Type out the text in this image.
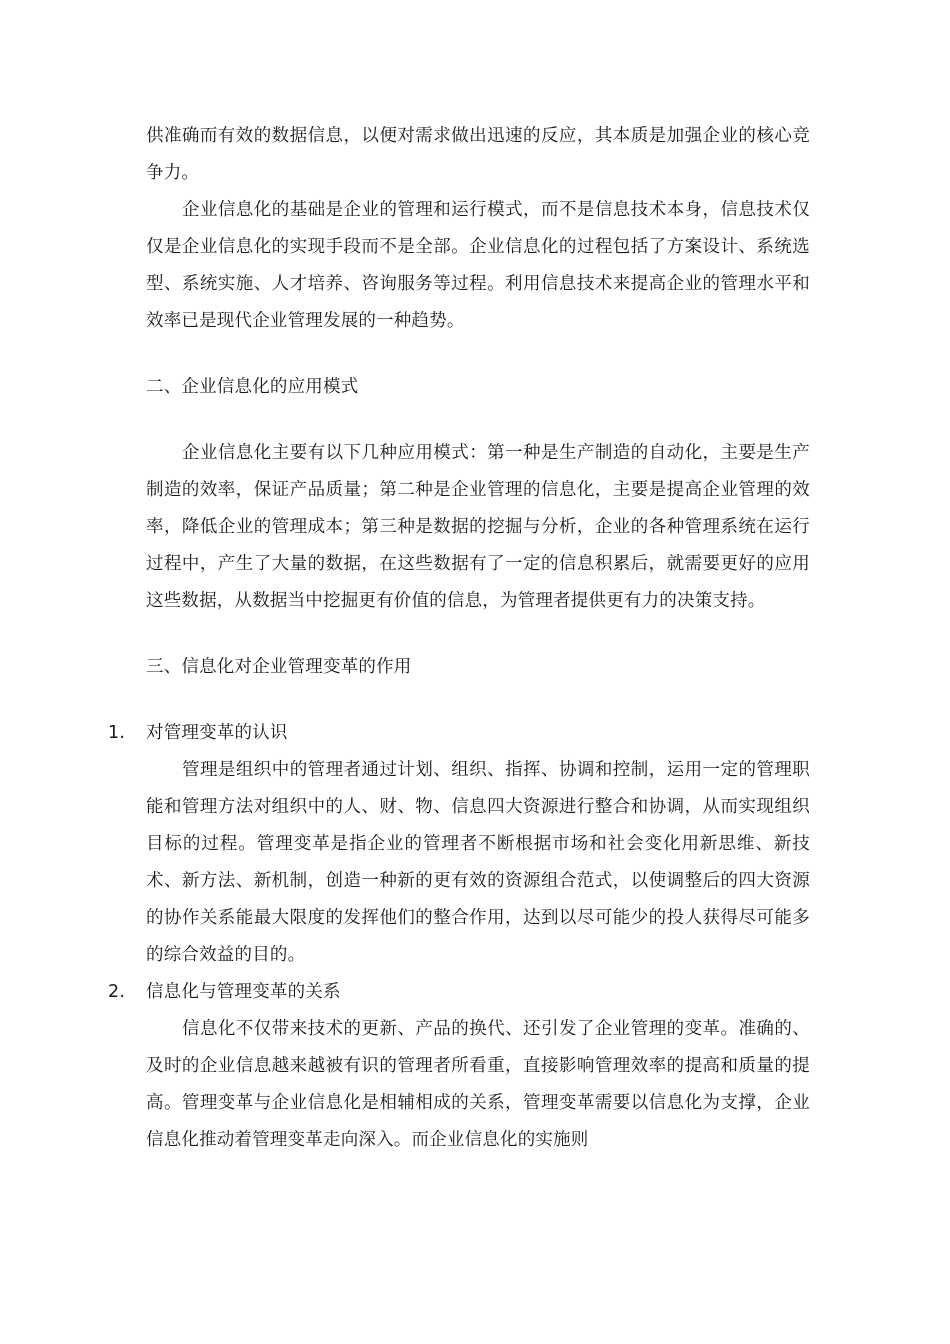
供准确而有效的数据信息，以便对需求做出迅速的反应，其本质是加强企业的核心竞争力。

企业信息化的基础是企业的管理和运行模式，而不是信息技术本身，信息技术仅仅是企业信息化的实现手段而不是全部。企业信息化的过程包括了方案设计、系统选型、系统实施、人才培养、咨询服务等过程。利用信息技术来提高企业的管理水平和效率已是现代企业管理发展的一种趋势。

二、企业信息化的应用模式

企业信息化主要有以下几种应用模式：第一种是生产制造的自动化，主要是生产制造的效率，保证产品质量；第二种是企业管理的信息化，主要是提高企业管理的效率，降低企业的管理成本；第三种是数据的挖掘与分析，企业的各种管理系统在运行过程中，产生了大量的数据，在这些数据有了一定的信息积累后，就需要更好的应用这些数据，从数据当中挖掘更有价值的信息，为管理者提供更有力的决策支持。

三、信息化对企业管理变革的作用

1.	对管理变革的认识

管理是组织中的管理者通过计划、组织、指挥、协调和控制，运用一定的管理职能和管理方法对组织中的人、财、物、信息四大资源进行整合和协调，从而实现组织目标的过程。管理变革是指企业的管理者不断根据市场和社会变化用新思维、新技术、新方法、新机制，创造一种新的更有效的资源组合范式，以使调整后的四大资源的协作关系能最大限度的发挥他们的整合作用，达到以尽可能少的投人获得尽可能多的综合效益的目的。

2.	信息化与管理变革的关系

信息化不仅带来技术的更新、产品的换代、还引发了企业管理的变革。准确的、及时的企业信息越来越被有识的管理者所看重，直接影响管理效率的提高和质量的提高。管理变革与企业信息化是相辅相成的关系，管理变革需要以信息化为支撑，企业信息化推动着管理变革走向深入。而企业信息化的实施则
